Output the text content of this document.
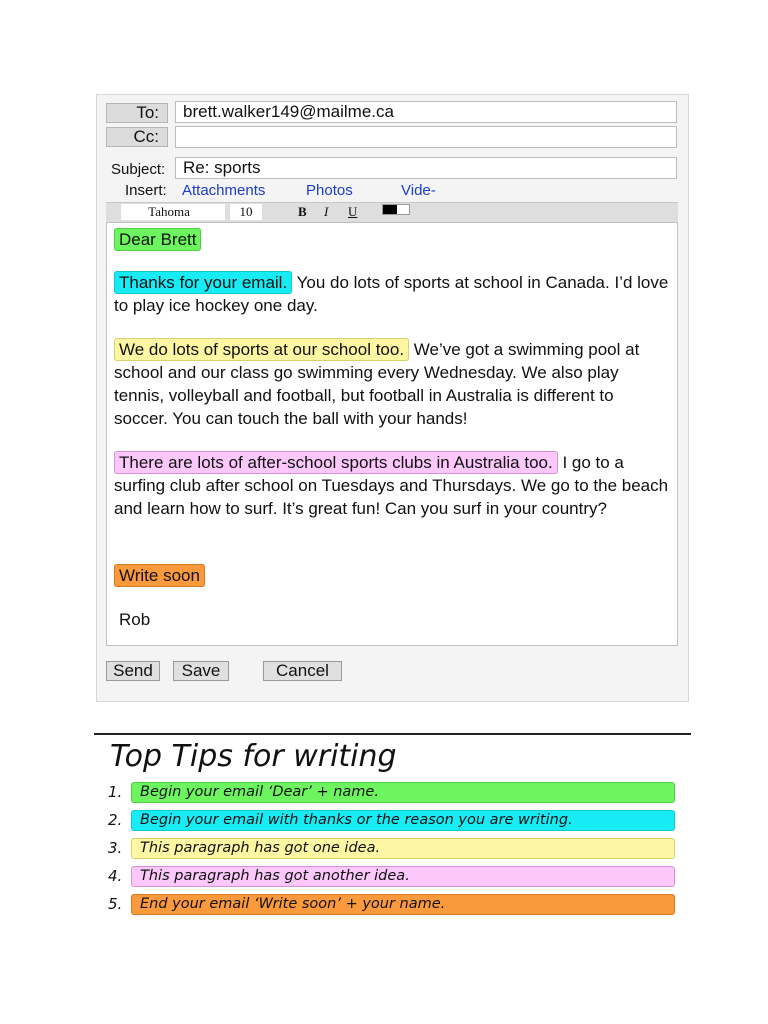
To:	brett.walker149@mailme.ca
Cc:
Subject:	Re: sports
Insert: Attachments	Photos	Vide-
Tahoma	10	B I U
Dear Brett
Thanks for your email. You do lots of sports at school in Canada. I’d love to play ice hockey one day.
We do lots of sports at our school too. We’ve got a swimming pool at school and our class go swimming every Wednesday. We also play tennis, volleyball and football, but football in Australia is different to soccer. You can touch the ball with your hands!
There are lots of after-school sports clubs in Australia too. I go to a surfing club after school on Tuesdays and Thursdays. We go to the beach and learn how to surf. It’s great fun! Can you surf in your country?
Write soon
Rob
Send	Save	Cancel
Top Tips for writing
1.	Begin your email ‘Dear’ + name.
2.	Begin your email with thanks or the reason you are writing.
3.	This paragraph has got one idea.
4.	This paragraph has got another idea.
5.	End your email ‘Write soon’ + your name.
